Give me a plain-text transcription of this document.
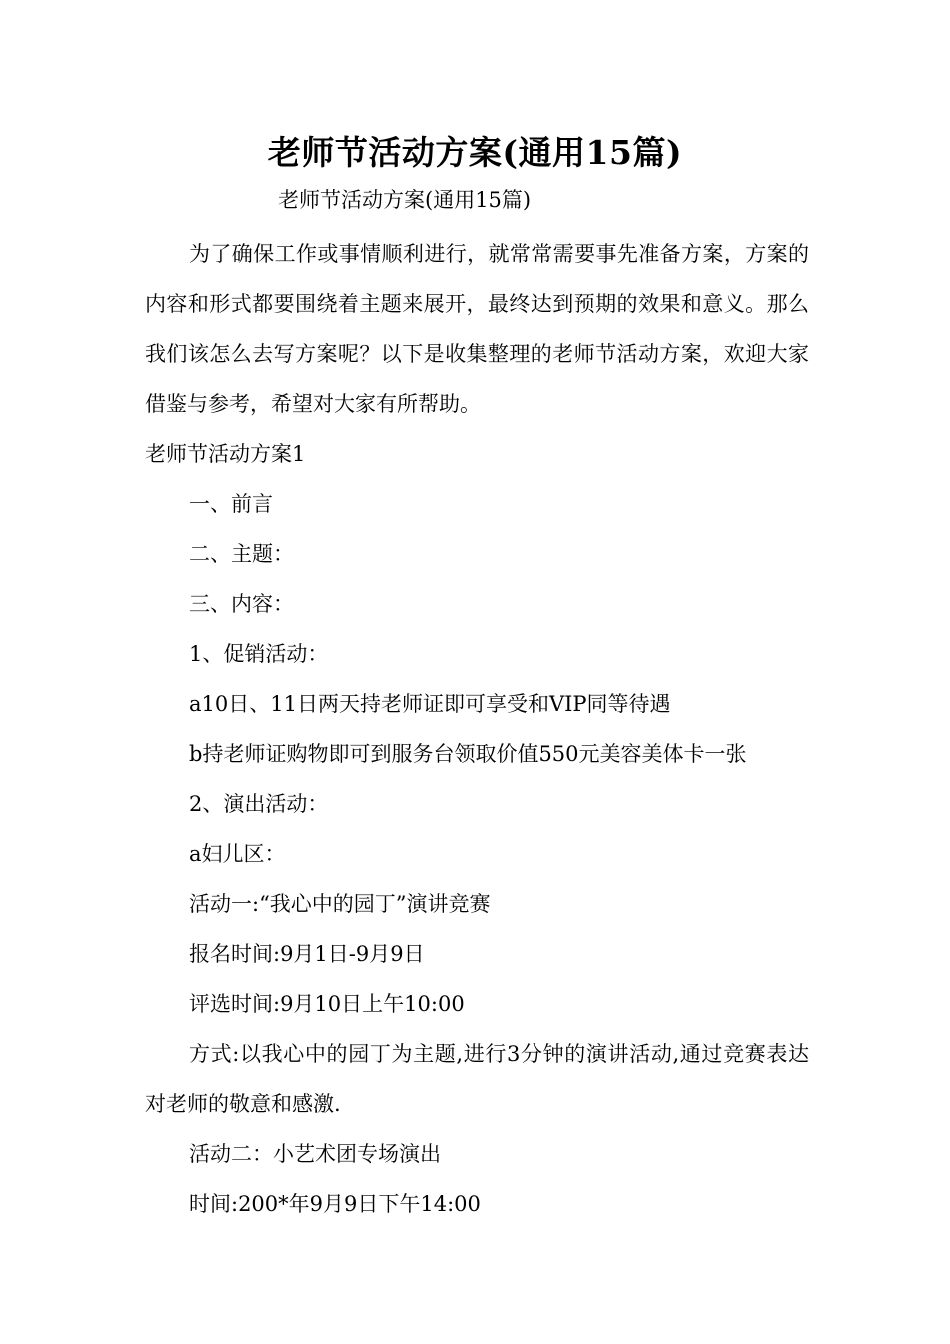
老师节活动方案(通用15篇)
老师节活动方案(通用15篇)

为了确保工作或事情顺利进行，就常常需要事先准备方案，方案的内容和形式都要围绕着主题来展开，最终达到预期的效果和意义。那么我们该怎么去写方案呢？以下是收集整理的老师节活动方案，欢迎大家借鉴与参考，希望对大家有所帮助。

老师节活动方案1

一、前言

二、主题：

三、内容：

1、促销活动：

a10日、11日两天持老师证即可享受和VIP同等待遇

b持老师证购物即可到服务台领取价值550元美容美体卡一张

2、演出活动：

a妇儿区：

活动一:“我心中的园丁”演讲竞赛

报名时间:9月1日-9月9日

评选时间:9月10日上午10:00

方式:以我心中的园丁为主题,进行3分钟的演讲活动,通过竞赛表达对老师的敬意和感激.

活动二：小艺术团专场演出

时间:200*年9月9日下午14:00
